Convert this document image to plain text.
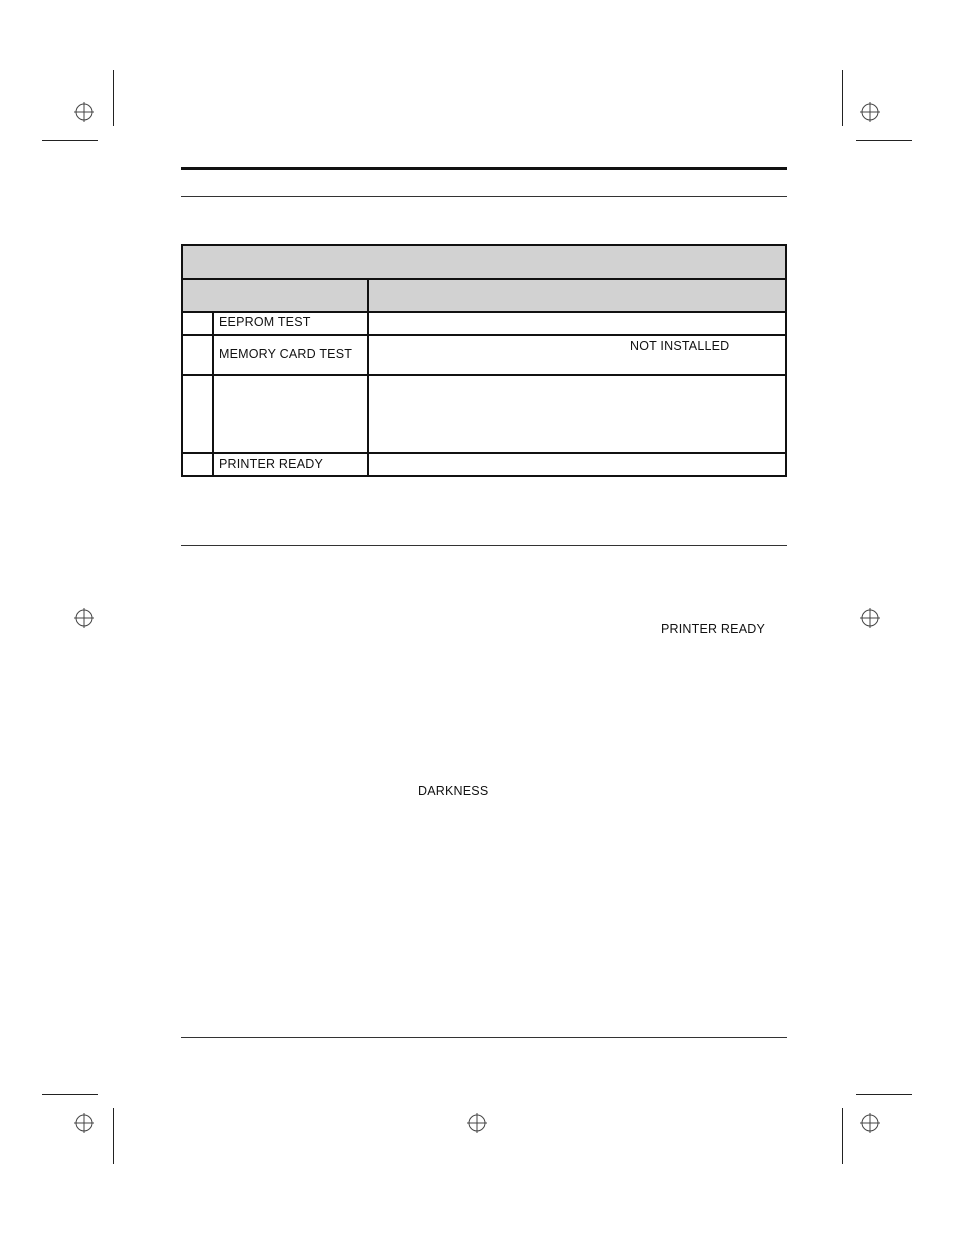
EEPROM TEST
MEMORY CARD TEST
NOT INSTALLED
PRINTER READY
PRINTER READY
DARKNESS
